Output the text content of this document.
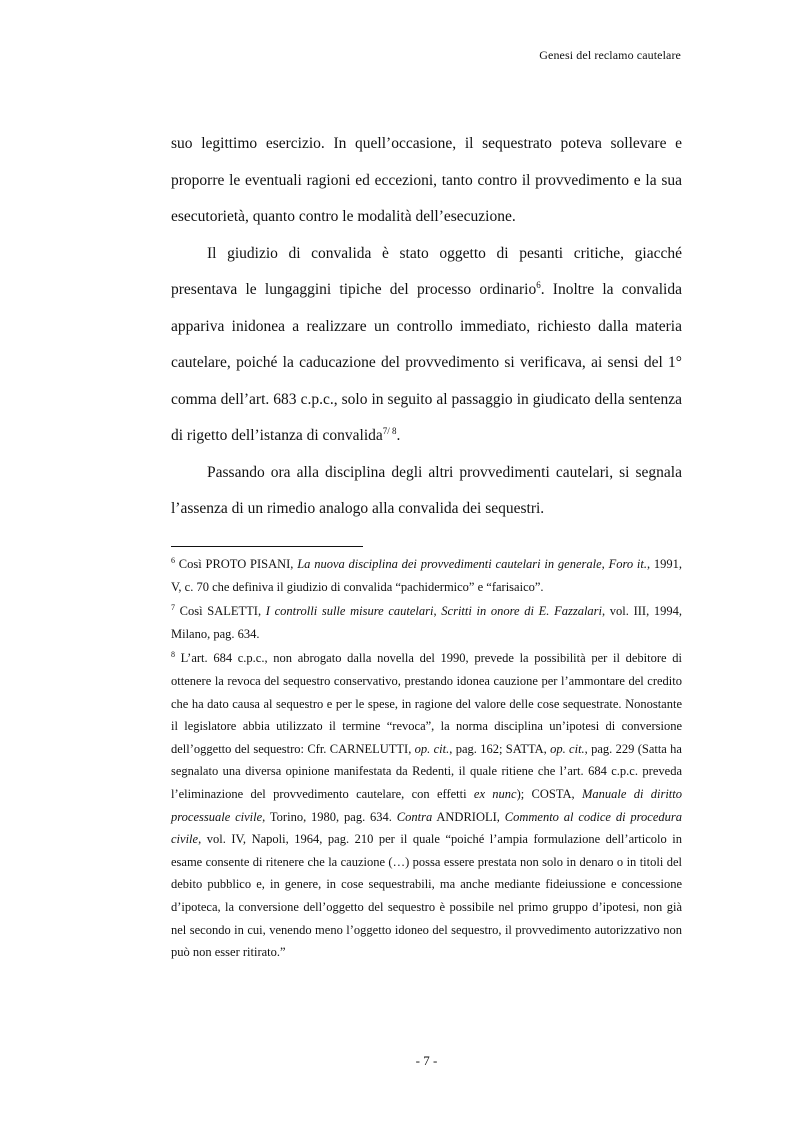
Genesi del reclamo cautelare

suo legittimo esercizio. In quell’occasione, il sequestrato poteva sollevare e proporre le eventuali ragioni ed eccezioni, tanto contro il provvedimento e la sua esecutorietà, quanto contro le modalità dell’esecuzione.

Il giudizio di convalida è stato oggetto di pesanti critiche, giacché presentava le lungaggini tipiche del processo ordinario$^6$. Inoltre la convalida appariva inidonea a realizzare un controllo immediato, richiesto dalla materia cautelare, poiché la caducazione del provvedimento si verificava, ai sensi del 1° comma dell’art. 683 c.p.c., solo in seguito al passaggio in giudicato della sentenza di rigetto dell’istanza di convalida$^{7/ 8}$.

Passando ora alla disciplina degli altri provvedimenti cautelari, si segnala l’assenza di un rimedio analogo alla convalida dei sequestri.

$^6$ Così PROTO PISANI, La nuova disciplina dei provvedimenti cautelari in generale, Foro it., 1991, V, c. 70 che definiva il giudizio di convalida “pachidermico” e “farisaico”.

$^7$ Così SALETTI, I controlli sulle misure cautelari, Scritti in onore di E. Fazzalari, vol. III, 1994, Milano, pag. 634.

$^8$ L’art. 684 c.p.c., non abrogato dalla novella del 1990, prevede la possibilità per il debitore di ottenere la revoca del sequestro conservativo, prestando idonea cauzione per l’ammontare del credito che ha dato causa al sequestro e per le spese, in ragione del valore delle cose sequestrate. Nonostante il legislatore abbia utilizzato il termine “revoca”, la norma disciplina un’ipotesi di conversione dell’oggetto del sequestro: Cfr. CARNELUTTI, op. cit., pag. 162; SATTA, op. cit., pag. 229 (Satta ha segnalato una diversa opinione manifestata da Redenti, il quale ritiene che l’art. 684 c.p.c. preveda l’eliminazione del provvedimento cautelare, con effetti ex nunc); COSTA, Manuale di diritto processuale civile, Torino, 1980, pag. 634. Contra ANDRIOLI, Commento al codice di procedura civile, vol. IV, Napoli, 1964, pag. 210 per il quale “poiché l’ampia formulazione dell’articolo in esame consente di ritenere che la cauzione (…) possa essere prestata non solo in denaro o in titoli del debito pubblico e, in genere, in cose sequestrabili, ma anche mediante fideiussione e concessione d’ipoteca, la conversione dell’oggetto del sequestro è possibile nel primo gruppo d’ipotesi, non già nel secondo in cui, venendo meno l’oggetto idoneo del sequestro, il provvedimento autorizzativo non può non esser ritirato.”

- 7 -
